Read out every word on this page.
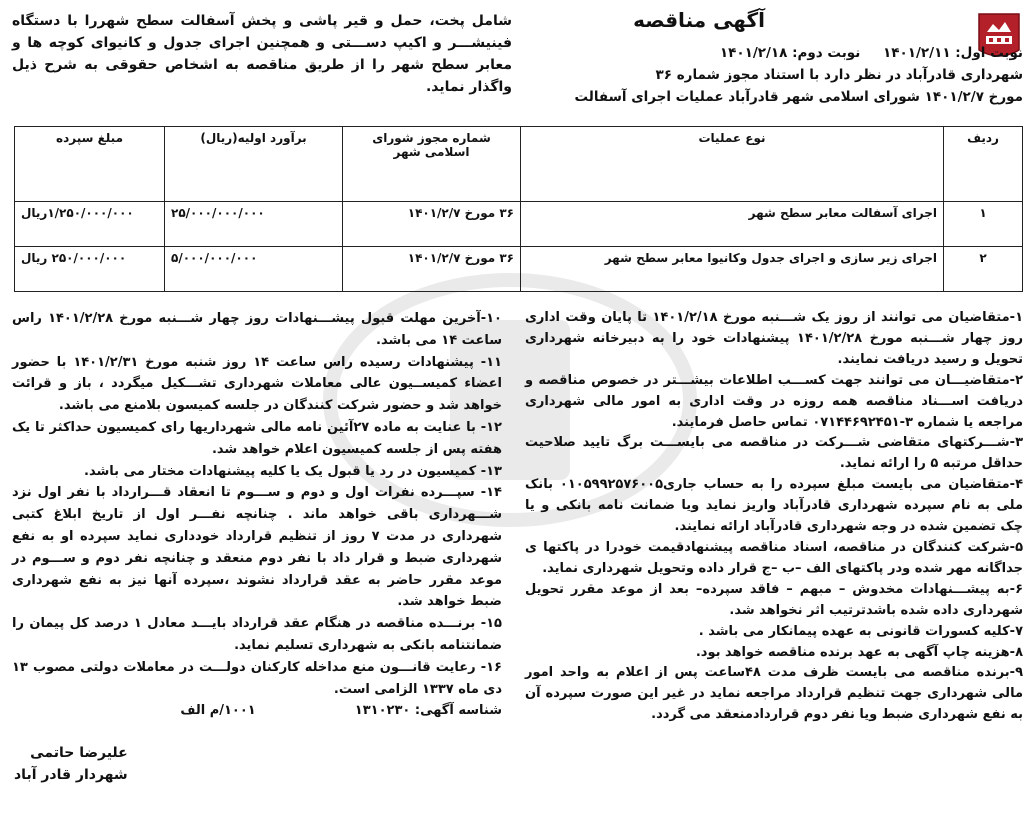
آگهی مناقصه
نوبت اول: ۱۴۰۱/۲/۱۱ نوبت دوم: ۱۴۰۱/۲/۱۸
شهرداری قادرآباد در نظر دارد با استناد مجوز شماره ۳۶
مورخ ۱۴۰۱/۲/۷ شورای اسلامی شهر قادرآباد عملیات اجرای آسفالت
شامل پخت، حمل و قیر پاشی و پخش آسفالت سطح شهررا با دستگاه فینیشـــر و اکیپ دســـتی و همچنین اجرای جدول و کانیوای کوچه ها و معابر سطح شهر را از طریق مناقصه به اشخاص حقوقی به شرح ذیل واگذار نماید.
ردیف	نوع عملیات	شماره مجوز شورای اسلامی شهر	برآورد اولیه(ریال)	مبلغ سپرده
۱	اجرای آسفالت معابر سطح شهر	۳۶ مورخ ۱۴۰۱/۲/۷	۲۵/۰۰۰/۰۰۰/۰۰۰	۱/۲۵۰/۰۰۰/۰۰۰ریال
۲	اجرای زیر سازی و اجرای جدول وکانیوا معابر سطح شهر	۳۶ مورخ ۱۴۰۱/۲/۷	۵/۰۰۰/۰۰۰/۰۰۰	۲۵۰/۰۰۰/۰۰۰ ریال

۱-متقاضیان می توانند از روز یک شـــنبه مورخ ۱۴۰۱/۲/۱۸ تا پایان وقت اداری روز چهار شـــنبه مورخ ۱۴۰۱/۲/۲۸ پیشنهادات خود را به دبیرخانه شهرداری تحویل و رسید دریافت نمایند.

۲-متقاضیـــان می توانند جهت کســـب اطلاعات بیشـــتر در خصوص مناقصه و دریافت اســـناد مناقصه همه روزه در وقت اداری به امور مالی شهرداری مراجعه یا شماره ۳-۰۷۱۴۴۶۹۲۴۵۱ تماس حاصل فرمایند.

۳-شـــرکتهای متقاضی شـــرکت در مناقصه می بایســـت برگ تایید صلاحیت حداقل مرتبه ۵ را ارائه نماید.

۴-متقاضیان می بایست مبلغ سپرده را به حساب جاری۰۱۰۵۹۹۲۵۷۶۰۰۵ بانک ملی به نام سپرده شهرداری قادرآباد واریز نماید ویا ضمانت نامه بانکی و یا چک تضمین شده در وجه شهرداری قادرآباد ارائه نمایند.

۵-شرکت کنندگان در مناقصه، اسناد مناقصه پیشنهادقیمت خودرا در پاکتها ی جداگانه مهر شده ودر پاکتهای الف –ب –ج قرار داده وتحویل شهرداری نماید.

۶-به پیشـــنهادات مخدوش – مبهم – فاقد سپرده– بعد از موعد مقرر تحویل شهرداری داده شده باشدترتیب اثر نخواهد شد.

۷-کلیه کسورات قانونی به عهده پیمانکار می باشد .

۸-هزینه چاپ آگهی به عهد برنده مناقصه خواهد بود.

۹-برنده مناقصه می بایست ظرف مدت ۴۸ساعت پس از اعلام به واحد امور مالی شهرداری جهت تنظیم قرارداد مراجعه نماید در غیر این صورت سپرده آن به نفع شهرداری ضبط ویا نفر دوم قراردادمنعقد می گردد.

۱۰-آخرین مهلت قبول پیشـــنهادات روز چهار شـــنبه مورخ ۱۴۰۱/۲/۲۸ راس ساعت ۱۴ می باشد.

۱۱- پیشنهادات رسیده راس ساعت ۱۴ روز شنبه مورخ ۱۴۰۱/۲/۳۱ با حضور اعضاء کمیســیون عالی معاملات شهرداری تشـــکیل میگردد ، باز و قرائت خواهد شد و حضور شرکت کنندگان در جلسه کمیسون بلامنع می باشد.

۱۲- با عنایت به ماده ۲۷آئین نامه مالی شهرداریها رای کمیسیون حداکثر تا یک هفته پس از جلسه کمیسیون اعلام خواهد شد.

۱۳- کمیسیون در رد یا قبول یک یا کلیه پیشنهادات مختار می باشد.

۱۴- سپـــرده نفرات اول و دوم و ســـوم تا انعقاد قـــرارداد با نفر اول نزد شـــهرداری باقی خواهد ماند . چنانچه نفـــر اول از تاریخ ابلاغ کتبی شهرداری در مدت ۷ روز از تنظیم قرارداد خودداری نماید سپرده او به نفع شهرداری ضبط و قرار داد با نفر دوم منعقد و چنانچه نفر دوم و ســـوم در موعد مقرر حاضر به عقد قرارداد نشوند ،سپرده آنها نیز به نفع شهرداری ضبط خواهد شد.

۱۵- برنـــده مناقصه در هنگام عقد قرارداد بایـــد معادل ۱ درصد کل پیمان را ضمانتنامه بانکی به شهرداری تسلیم نماید.

۱۶- رعایت قانـــون منع مداخله کارکنان دولـــت در معاملات دولتی مصوب ۱۳ دی ماه ۱۳۳۷ الزامی است.

شناسه آگهی: ۱۳۱۰۲۳۰  ۱۰۰۱/م الف

علیرضا حاتمی
شهردار قادر آباد
